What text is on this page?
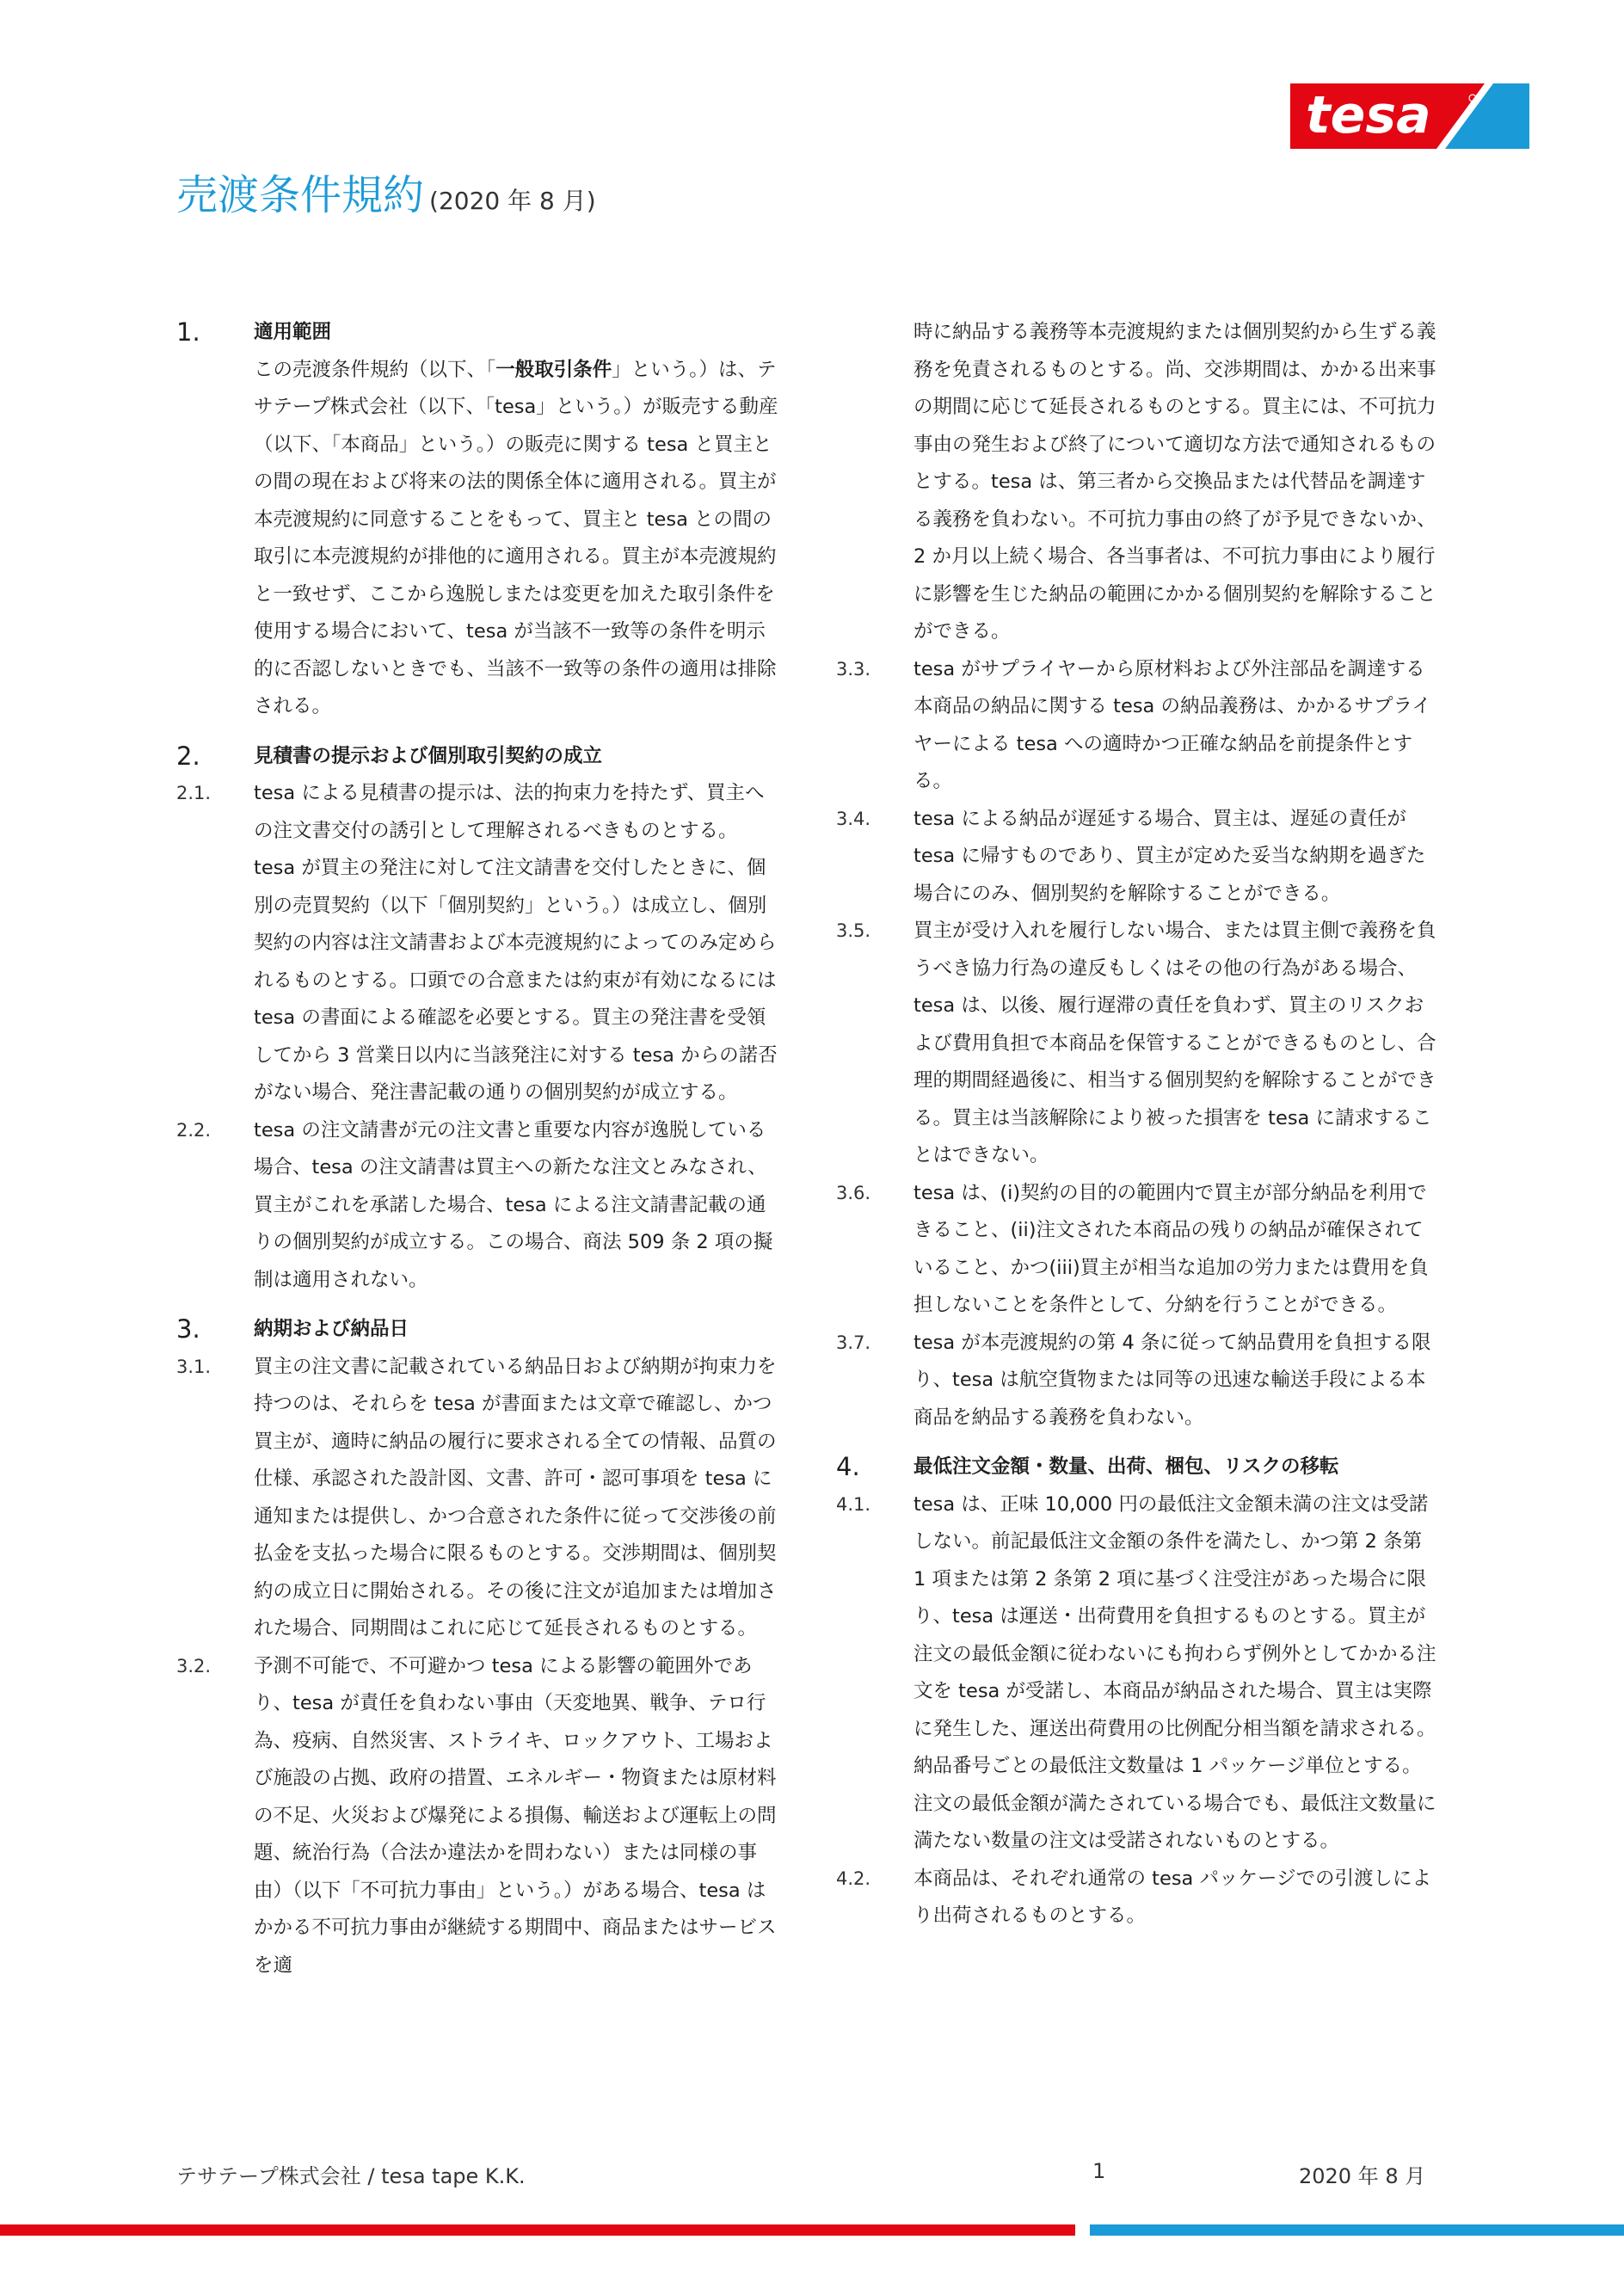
tesa
売渡条件規約 (2020 年 8 月)
1.	適用範囲
この売渡条件規約（以下、「一般取引条件」という。）は、テサテープ株式会社（以下、「tesa」という。）が販売する動産（以下、「本商品」という。）の販売に関する tesa と買主との間の現在および将来の法的関係全体に適用される。買主が本売渡規約に同意することをもって、買主と tesa との間の取引に本売渡規約が排他的に適用される。買主が本売渡規約と一致せず、ここから逸脱しまたは変更を加えた取引条件を使用する場合において、tesa が当該不一致等の条件を明示的に否認しないときでも、当該不一致等の条件の適用は排除される。
2.	見積書の提示および個別取引契約の成立
2.1. tesa による見積書の提示は、法的拘束力を持たず、買主への注文書交付の誘引として理解されるべきものとする。tesa が買主の発注に対して注文請書を交付したときに、個別の売買契約（以下「個別契約」という。）は成立し、個別契約の内容は注文請書および本売渡規約によってのみ定められるものとする。口頭での合意または約束が有効になるには tesa の書面による確認を必要とする。買主の発注書を受領してから 3 営業日以内に当該発注に対する tesa からの諾否がない場合、発注書記載の通りの個別契約が成立する。
2.2. tesa の注文請書が元の注文書と重要な内容が逸脱している場合、tesa の注文請書は買主への新たな注文とみなされ、買主がこれを承諾した場合、tesa による注文請書記載の通りの個別契約が成立する。この場合、商法 509 条 2 項の擬制は適用されない。
3.	納期および納品日
3.1. 買主の注文書に記載されている納品日および納期が拘束力を持つのは、それらを tesa が書面または文章で確認し、かつ買主が、適時に納品の履行に要求される全ての情報、品質の仕様、承認された設計図、文書、許可・認可事項を tesa に通知または提供し、かつ合意された条件に従って交渉後の前払金を支払った場合に限るものとする。交渉期間は、個別契約の成立日に開始される。その後に注文が追加または増加された場合、同期間はこれに応じて延長されるものとする。
3.2. 予測不可能で、不可避かつ tesa による影響の範囲外であり、tesa が責任を負わない事由（天変地異、戦争、テロ行為、疫病、自然災害、ストライキ、ロックアウト、工場および施設の占拠、政府の措置、エネルギー・物資または原材料の不足、火災および爆発による損傷、輸送および運転上の問題、統治行為（合法か違法かを問わない）または同様の事由）（以下「不可抗力事由」という。）がある場合、tesa はかかる不可抗力事由が継続する期間中、商品またはサービスを適
時に納品する義務等本売渡規約または個別契約から生ずる義務を免責されるものとする。尚、交渉期間は、かかる出来事の期間に応じて延長されるものとする。買主には、不可抗力事由の発生および終了について適切な方法で通知されるものとする。tesa は、第三者から交換品または代替品を調達する義務を負わない。不可抗力事由の終了が予見できないか、2 か月以上続く場合、各当事者は、不可抗力事由により履行に影響を生じた納品の範囲にかかる個別契約を解除することができる。
3.3. tesa がサプライヤーから原材料および外注部品を調達する本商品の納品に関する tesa の納品義務は、かかるサプライヤーによる tesa への適時かつ正確な納品を前提条件とする。
3.4. tesa による納品が遅延する場合、買主は、遅延の責任が tesa に帰すものであり、買主が定めた妥当な納期を過ぎた場合にのみ、個別契約を解除することができる。
3.5. 買主が受け入れを履行しない場合、または買主側で義務を負うべき協力行為の違反もしくはその他の行為がある場合、tesa は、以後、履行遅滞の責任を負わず、買主のリスクおよび費用負担で本商品を保管することができるものとし、合理的期間経過後に、相当する個別契約を解除することができる。買主は当該解除により被った損害を tesa に請求することはできない。
3.6. tesa は、(i)契約の目的の範囲内で買主が部分納品を利用できること、(ii)注文された本商品の残りの納品が確保されていること、かつ(iii)買主が相当な追加の労力または費用を負担しないことを条件として、分納を行うことができる。
3.7. tesa が本売渡規約の第 4 条に従って納品費用を負担する限り、tesa は航空貨物または同等の迅速な輸送手段による本商品を納品する義務を負わない。
4.	最低注文金額・数量、出荷、梱包、リスクの移転
4.1. tesa は、正味 10,000 円の最低注文金額未満の注文は受諾しない。前記最低注文金額の条件を満たし、かつ第 2 条第 1 項または第 2 条第 2 項に基づく注受注があった場合に限り、tesa は運送・出荷費用を負担するものとする。買主が注文の最低金額に従わないにも拘わらず例外としてかかる注文を tesa が受諾し、本商品が納品された場合、買主は実際に発生した、運送出荷費用の比例配分相当額を請求される。納品番号ごとの最低注文数量は 1 パッケージ単位とする。注文の最低金額が満たされている場合でも、最低注文数量に満たない数量の注文は受諾されないものとする。
4.2. 本商品は、それぞれ通常の tesa パッケージでの引渡しにより出荷されるものとする。
テサテープ株式会社 / tesa tape K.K.	1	2020 年 8 月
